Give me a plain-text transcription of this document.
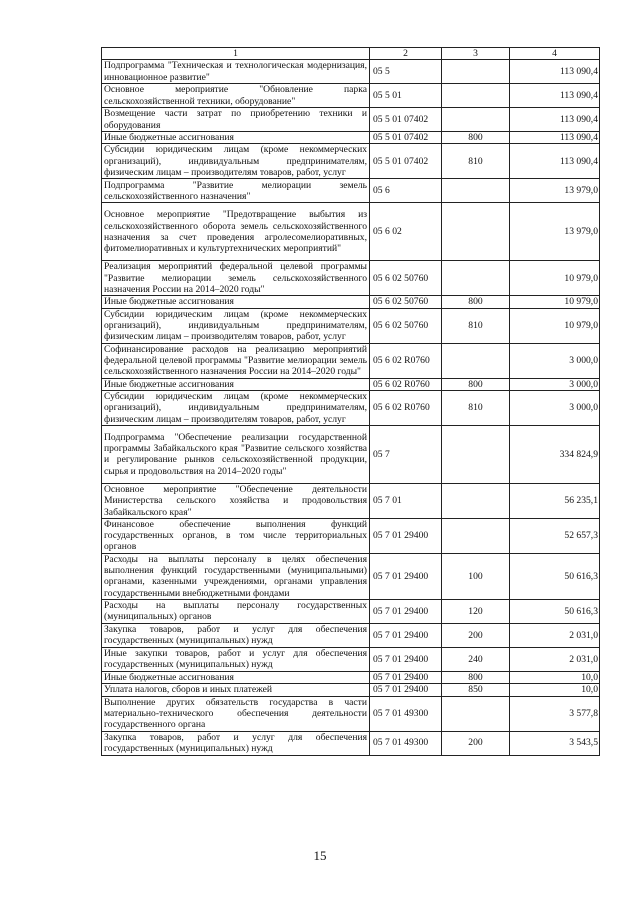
1	2	3	4
Подпрограмма "Техническая и технологическая модернизация, инновационное развитие"	05 5		113 090,4
Основное мероприятие "Обновление парка сельскохозяйственной техники, оборудование"	05 5 01		113 090,4
Возмещение части затрат по приобретению техники и оборудования	05 5 01 07402		113 090,4
Иные бюджетные ассигнования	05 5 01 07402	800	113 090,4
Субсидии юридическим лицам (кроме некоммерческих организаций), индивидуальным предпринимателям, физическим лицам – производителям товаров, работ, услуг	05 5 01 07402	810	113 090,4
Подпрограмма "Развитие мелиорации земель сельскохозяйственного назначения"	05 6		13 979,0
Основное мероприятие "Предотвращение выбытия из сельскохозяйственного оборота земель сельскохозяйственного назначения за счет проведения агролесомелиоративных, фитомелиоративных и культуртехнических мероприятий"	05 6 02		13 979,0
Реализация мероприятий федеральной целевой программы "Развитие мелиорации земель сельскохозяйственного назначения России на 2014–2020 годы"	05 6 02 50760		10 979,0
Иные бюджетные ассигнования	05 6 02 50760	800	10 979,0
Субсидии юридическим лицам (кроме некоммерческих организаций), индивидуальным предпринимателям, физическим лицам – производителям товаров, работ, услуг	05 6 02 50760	810	10 979,0
Софинансирование расходов на реализацию мероприятий федеральной целевой программы "Развитие мелиорации земель сельскохозяйственного назначения России на 2014–2020 годы"	05 6 02 R0760		3 000,0
Иные бюджетные ассигнования	05 6 02 R0760	800	3 000,0
Субсидии юридическим лицам (кроме некоммерческих организаций), индивидуальным предпринимателям, физическим лицам – производителям товаров, работ, услуг	05 6 02 R0760	810	3 000,0
Подпрограмма "Обеспечение реализации государственной программы Забайкальского края "Развитие сельского хозяйства и регулирование рынков сельскохозяйственной продукции, сырья и продовольствия на 2014–2020 годы"	05 7		334 824,9
Основное мероприятие "Обеспечение деятельности Министерства сельского хозяйства и продовольствия Забайкальского края"	05 7 01		56 235,1
Финансовое обеспечение выполнения функций государственных органов, в том числе территориальных органов	05 7 01 29400		52 657,3
Расходы на выплаты персоналу в целях обеспечения выполнения функций государственными (муниципальными) органами, казенными учреждениями, органами управления государственными внебюджетными фондами	05 7 01 29400	100	50 616,3
Расходы на выплаты персоналу государственных (муниципальных) органов	05 7 01 29400	120	50 616,3
Закупка товаров, работ и услуг для обеспечения государственных (муниципальных) нужд	05 7 01 29400	200	2 031,0
Иные закупки товаров, работ и услуг для обеспечения государственных (муниципальных) нужд	05 7 01 29400	240	2 031,0
Иные бюджетные ассигнования	05 7 01 29400	800	10,0
Уплата налогов, сборов и иных платежей	05 7 01 29400	850	10,0
Выполнение других обязательств государства в части материально-технического обеспечения деятельности государственного органа	05 7 01 49300		3 577,8
Закупка товаров, работ и услуг для обеспечения государственных (муниципальных) нужд	05 7 01 49300	200	3 543,5
15
